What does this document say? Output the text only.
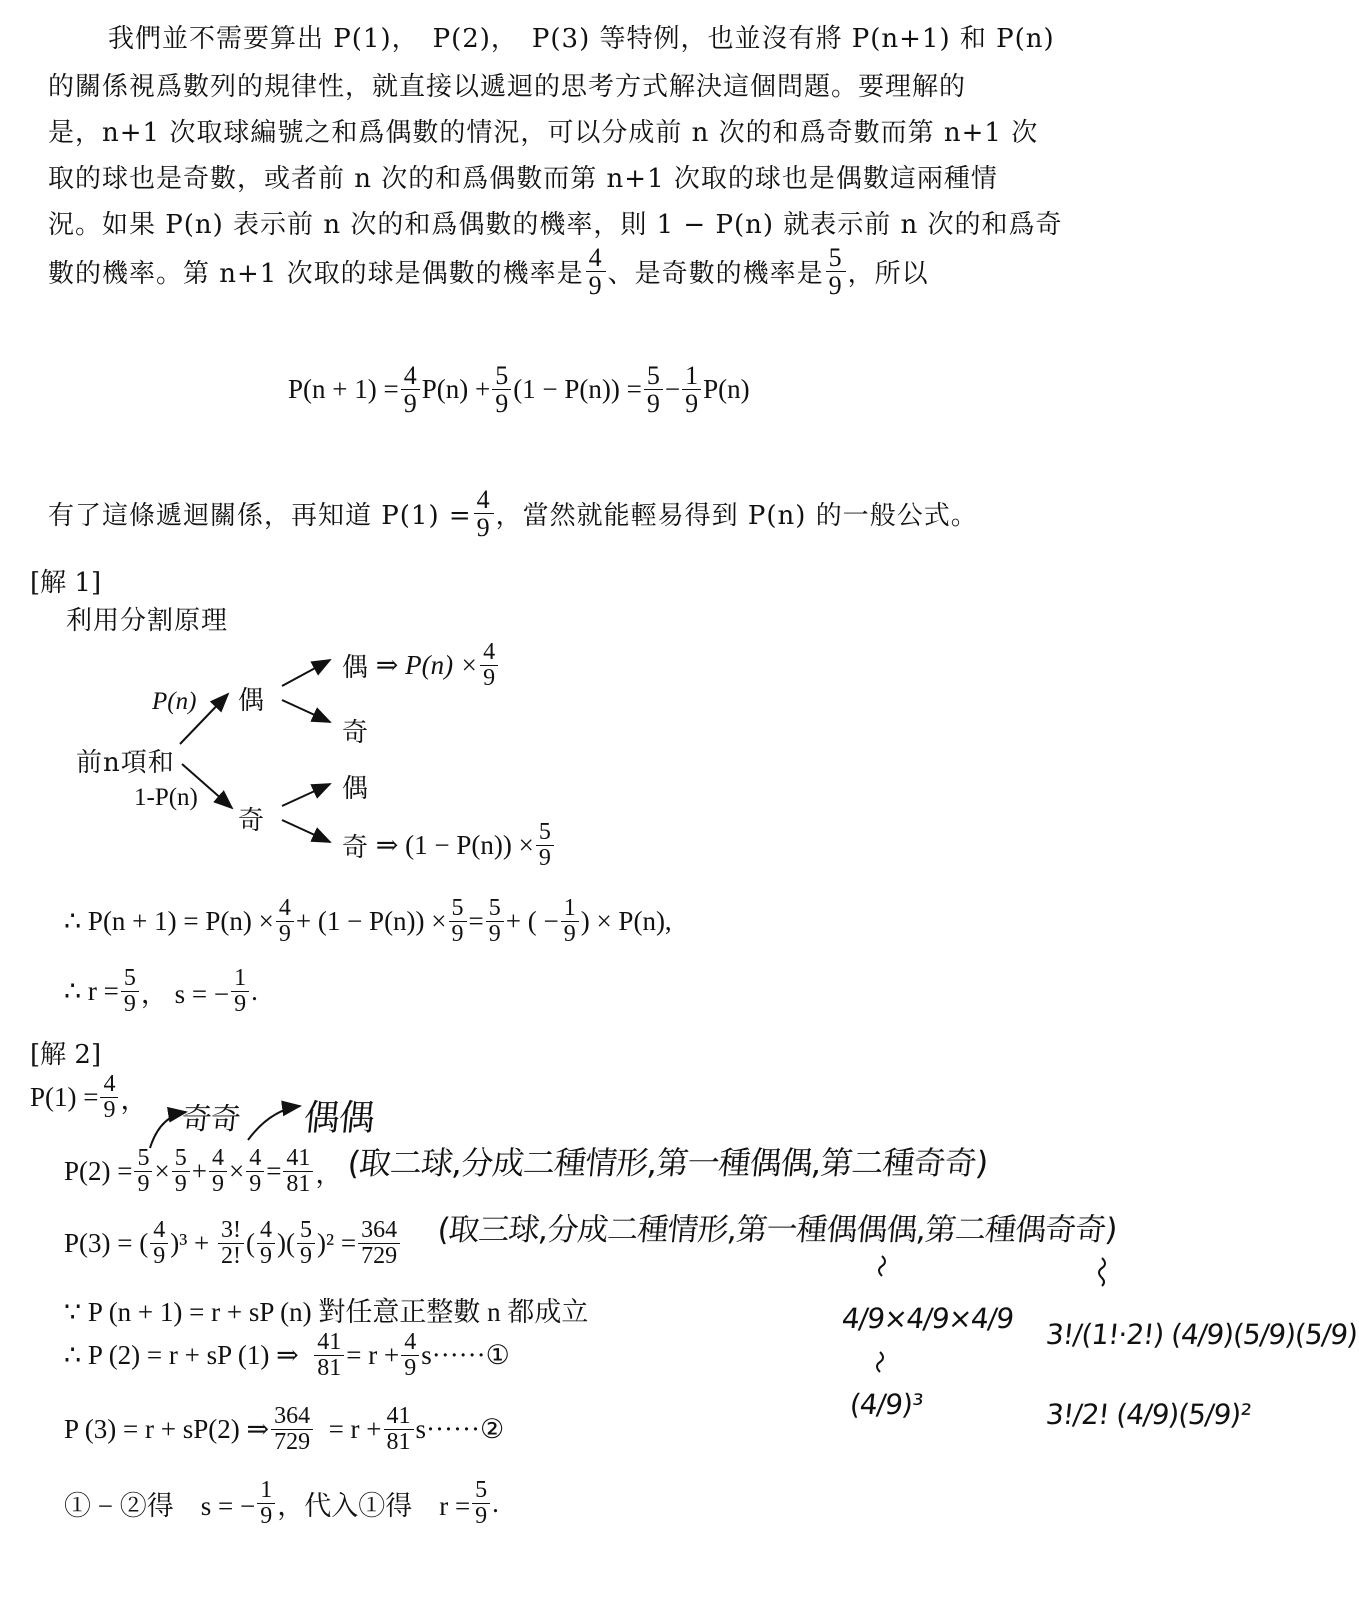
我們並不需要算出 P(1)，　P(2)，　P(3) 等特例，也並沒有將 P(n+1) 和 P(n)
的關係視爲數列的規律性，就直接以遞迴的思考方式解決這個問題。要理解的
是，n+1 次取球編號之和爲偶數的情況，可以分成前 n 次的和爲奇數而第 n+1 次
取的球也是奇數，或者前 n 次的和爲偶數而第 n+1 次取的球也是偶數這兩種情
況。如果 P(n) 表示前 n 次的和爲偶數的機率，則 1 − P(n) 就表示前 n 次的和爲奇
數的機率。第 n+1 次取的球是偶數的機率是 $\frac{4}{9}$ 、是奇數的機率是 $\frac{5}{9}$ ，所以
$P(n + 1) = \frac{4}{9} P(n) + \frac{5}{9} (1 - P(n)) = \frac{5}{9} - \frac{1}{9} P(n)$
有了這條遞迴關係，再知道 $P(1) = \frac{4}{9}$ ，當然就能輕易得到 P(n) 的一般公式。
[解 1]
利用分割原理
P(n) 偶
前n項和
1-P(n)
奇
偶
⇒ $P(n) \times \frac{4}{9}$
奇
偶
奇
⇒ $(1 - P(n)) \times \frac{5}{9}$
∴ $P(n + 1) = P(n) \times \frac{4}{9} + (1 - P(n)) \times \frac{5}{9} = \frac{5}{9}$ + ( − $\frac{1}{9}$ ) × P(n),
∴ $r = \frac{5}{9}$ ， s = − $\frac{1}{9}$ .
[解 2]
$P(1) = \frac{4}{9}$ ，
$P(2) = \frac{5}{9} \times \frac{5}{9} + \frac{4}{9} \times \frac{4}{9} = \frac{41}{81}$ ，
P(3) = ( $\frac{4}{9} )^3$ +
$\frac{3!}{2!}$ ( $\frac{4}{9}$ )( $\frac{5}{9} )^2 = \frac{364}{729}$
∵ P (n + 1) = r + sP (n) 對任意正整數 n 都成立
∴ P (2) = r + sP (1) ⇒
$\frac{41}{81} = r + \frac{4}{9}$ s······①
P (3) = r + sP(2) ⇒ $\frac{364}{729}$
= $r + \frac{41}{81}$ s······②
① − ②得　s = − $\frac{1}{9}$ ，代入①得　$r = \frac{5}{9}$ .
奇奇 偶偶
(取二球,分成二種情形,第一種偶偶,第二種奇奇)
(取三球,分成二種情形,第一種偶偶偶,第二種偶奇奇)
4/9×4/9×4/9
(4/9)³
3!/(1!·2!) (4/9)(5/9)(5/9)
3!/2! (4/9)(5/9)²
